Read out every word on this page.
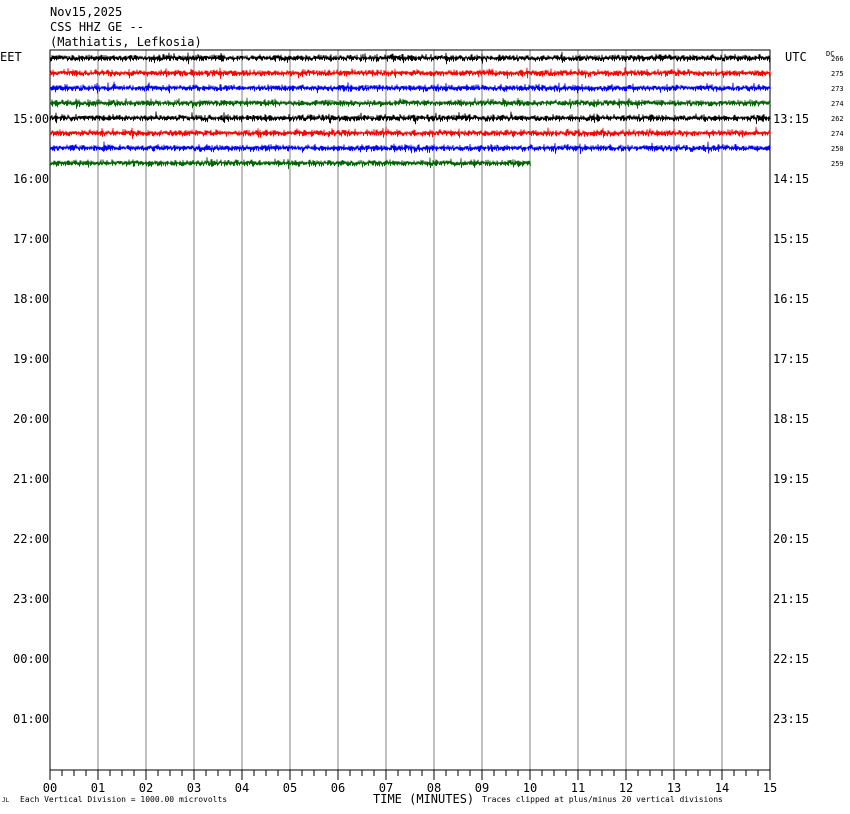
Nov15,2025
CSS HHZ GE --
(Mathiatis, Lefkosia)
EET	UTC	DC
266
275
273
274
262
274
250
259
15:00
16:00
17:00
18:00
19:00
20:00
21:00
22:00
23:00
00:00
01:00
13:15
14:15
15:15
16:15
17:15
18:15
19:15
20:15
21:15
22:15
23:15
00	01	02	03	04	05	06	07	08	09	10	11	12	13	14	15
JL Each Vertical Division = 1000.00 microvolts	TIME (MINUTES) Traces clipped at plus/minus 20 vertical divisions
